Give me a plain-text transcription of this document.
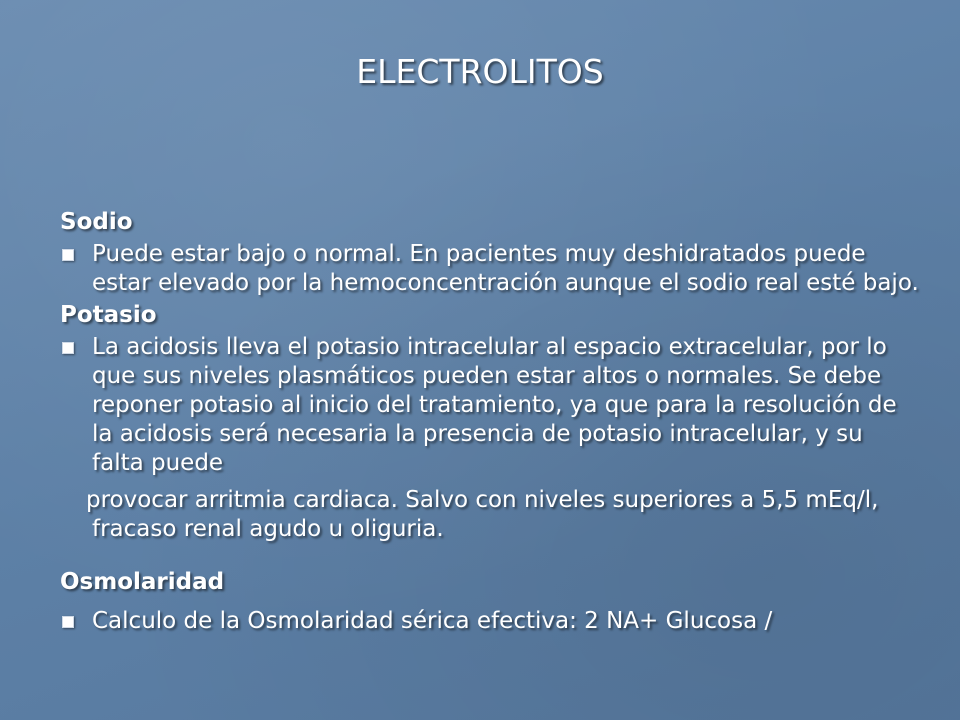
ELECTROLITOS
Sodio
Puede estar bajo o normal. En pacientes muy deshidratados puede estar elevado por la hemoconcentración aunque el sodio real esté bajo.
Potasio
La acidosis lleva el potasio intracelular al espacio extracelular, por lo que sus niveles plasmáticos pueden estar altos o normales. Se debe reponer potasio al inicio del tratamiento, ya que para la resolución de la acidosis será necesaria la presencia de potasio intracelular, y su falta puede
provocar arritmia cardiaca. Salvo con niveles superiores a 5,5 mEq/l, fracaso renal agudo u oliguria.
Osmolaridad
Calculo de la Osmolaridad sérica efectiva: 2 NA+ Glucosa /
